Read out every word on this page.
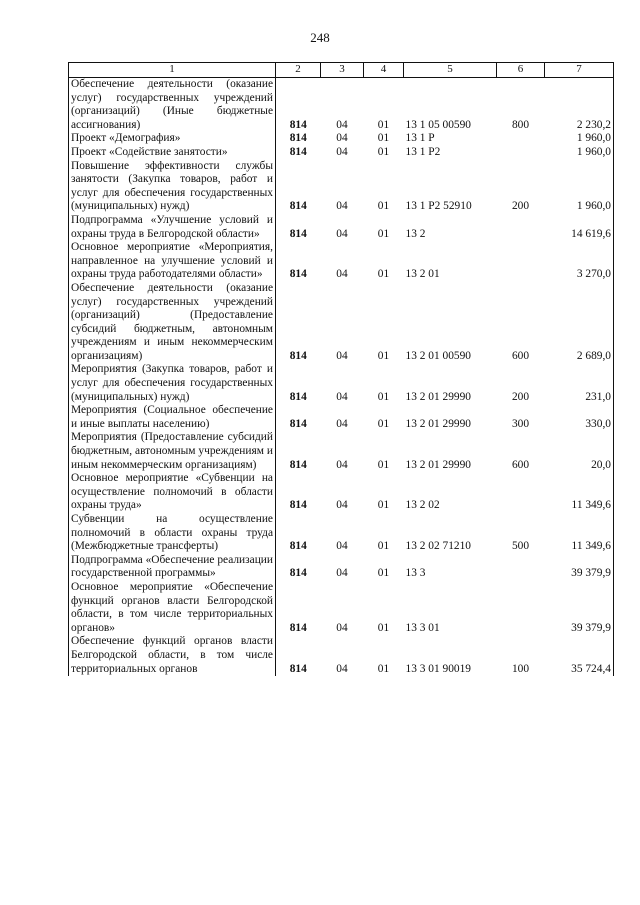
248
1	2	3	4	5	6	7

Обеспечение деятельности (оказание услуг) государственных учреждений (организаций) (Иные бюджетные ассигнования)	814	04	01	13 1 05 00590	800	2 230,2

Проект «Демография»	814	04	01	13 1 P		1 960,0

Проект «Содействие занятости»	814	04	01	13 1 P2		1 960,0

Повышение эффективности службы занятости (Закупка товаров, работ и услуг для обеспечения государственных (муниципальных) нужд)	814	04	01	13 1 P2 52910	200	1 960,0

Подпрограмма «Улучшение условий и охраны труда в Белгородской области»	814	04	01	13 2		14 619,6

Основное мероприятие «Мероприятия, направленное на улучшение условий и охраны труда работодателями области»	814	04	01	13 2 01		3 270,0

Обеспечение деятельности (оказание услуг) государственных учреждений (организаций) (Предоставление субсидий бюджетным, автономным учреждениям и иным некоммерческим организациям)	814	04	01	13 2 01 00590	600	2 689,0

Мероприятия (Закупка товаров, работ и услуг для обеспечения государственных (муниципальных) нужд)	814	04	01	13 2 01 29990	200	231,0

Мероприятия (Социальное обеспечение и иные выплаты населению)	814	04	01	13 2 01 29990	300	330,0

Мероприятия (Предоставление субсидий бюджетным, автономным учреждениям и иным некоммерческим организациям)	814	04	01	13 2 01 29990	600	20,0

Основное мероприятие «Субвенции на осуществление полномочий в области охраны труда»	814	04	01	13 2 02		11 349,6

Субвенции на осуществление полномочий в области охраны труда (Межбюджетные трансферты)	814	04	01	13 2 02 71210	500	11 349,6

Подпрограмма «Обеспечение реализации государственной программы»	814	04	01	13 3		39 379,9

Основное мероприятие «Обеспечение функций органов власти Белгородской области, в том числе территориальных органов»	814	04	01	13 3 01		39 379,9

Обеспечение функций органов власти Белгородской области, в том числе территориальных органов	814	04	01	13 3 01 90019	100	35 724,4
